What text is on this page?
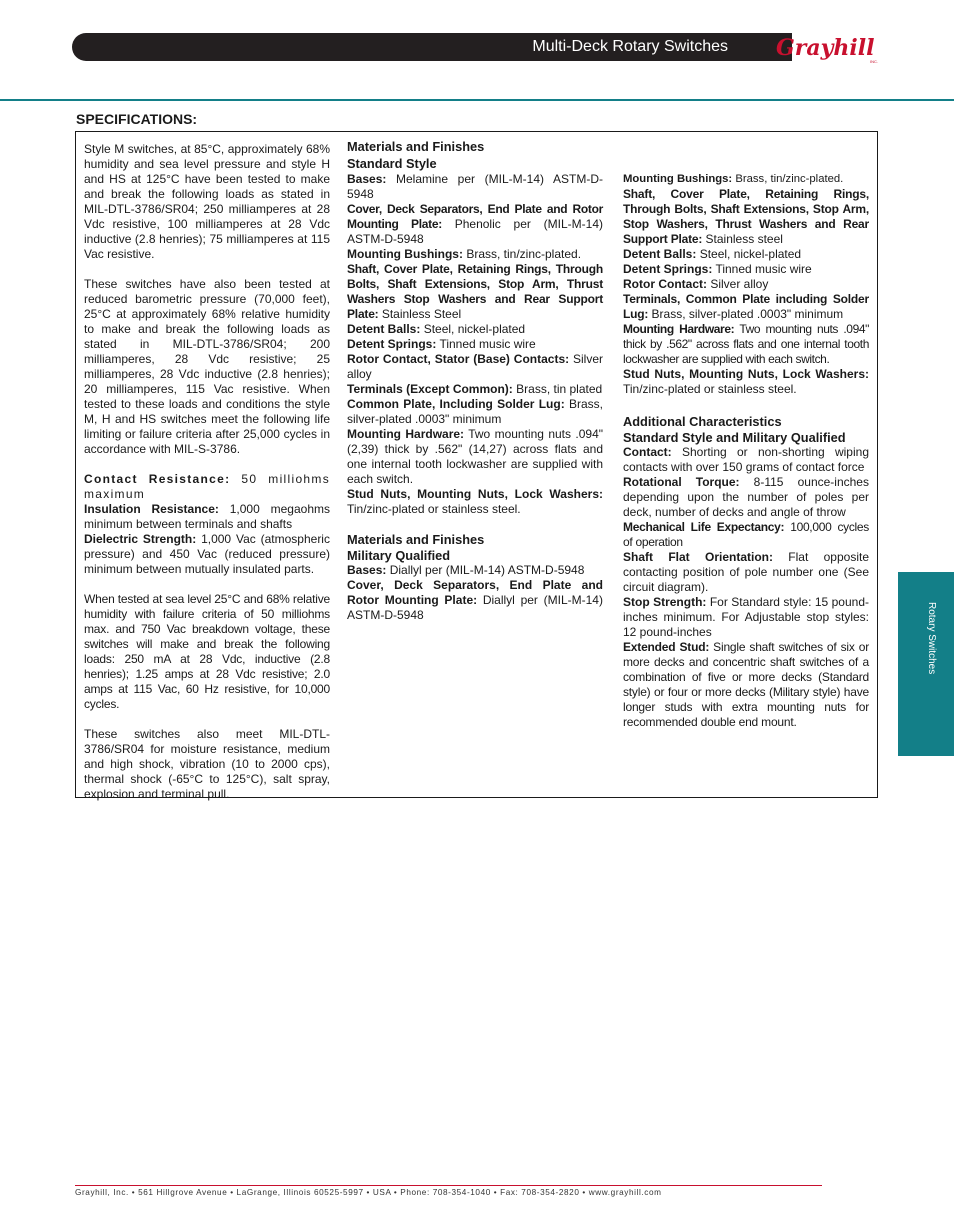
Multi-Deck Rotary Switches Grayhill
INC.
SPECIFICATIONS:

Style M switches, at 85°C, approximately 68% humidity and sea level pressure and style H and HS at 125°C have been tested to make and break the following loads as stated in MIL-DTL-3786/SR04; 250 milliamperes at 28 Vdc resistive, 100 milliamperes at 28 Vdc inductive (2.8 henries); 75 milliamperes at 115 Vac resistive.

These switches have also been tested at reduced barometric pressure (70,000 feet), 25°C at approximately 68% relative humidity to make and break the following loads as stated in MIL-DTL-3786/SR04; 200 milliamperes, 28 Vdc resistive; 25 milliamperes, 28 Vdc inductive (2.8 henries); 20 milliamperes, 115 Vac resistive. When tested to these loads and conditions the style M, H and HS switches meet the following life limiting or failure criteria after 25,000 cycles in accordance with MIL-S-3786.

Contact Resistance: 50 milliohms maximum

Insulation Resistance: 1,000 megaohms minimum between terminals and shafts

Dielectric Strength: 1,000 Vac (atmospheric pressure) and 450 Vac (reduced pressure) minimum between mutually insulated parts.

When tested at sea level 25°C and 68% relative humidity with failure criteria of 50 milliohms max. and 750 Vac breakdown voltage, these switches will make and break the following loads: 250 mA at 28 Vdc, inductive (2.8 henries); 1.25 amps at 28 Vdc resistive; 2.0 amps at 115 Vac, 60 Hz resistive, for 10,000 cycles.

These switches also meet MIL-DTL-3786/SR04 for moisture resistance, medium and high shock, vibration (10 to 2000 cps), thermal shock (-65°C to 125°C), salt spray, explosion and terminal pull.

Materials and Finishes

Standard Style

Bases: Melamine per (MIL-M-14) ASTM-D-5948

Cover, Deck Separators, End Plate and Rotor Mounting Plate: Phenolic per (MIL-M-14) ASTM-D-5948

Mounting Bushings: Brass, tin/zinc-plated.

Shaft, Cover Plate, Retaining Rings, Through Bolts, Shaft Extensions, Stop Arm, Thrust Washers Stop Washers and Rear Support Plate: Stainless Steel

Detent Balls: Steel, nickel-plated

Detent Springs: Tinned music wire

Rotor Contact, Stator (Base) Contacts: Silver alloy

Terminals (Except Common): Brass, tin plated

Common Plate, Including Solder Lug: Brass, silver-plated .0003" minimum

Mounting Hardware: Two mounting nuts .094" (2,39) thick by .562" (14,27) across flats and one internal tooth lockwasher are supplied with each switch.

Stud Nuts, Mounting Nuts, Lock Washers: Tin/zinc-plated or stainless steel.

Materials and Finishes

Military Qualified

Bases: Diallyl per (MIL-M-14) ASTM-D-5948

Cover, Deck Separators, End Plate and Rotor Mounting Plate: Diallyl per (MIL-M-14) ASTM-D-5948

Mounting Bushings: Brass, tin/zinc-plated.

Shaft, Cover Plate, Retaining Rings, Through Bolts, Shaft Extensions, Stop Arm, Stop Washers, Thrust Washers and Rear Support Plate: Stainless steel

Detent Balls: Steel, nickel-plated

Detent Springs: Tinned music wire

Rotor Contact: Silver alloy

Terminals, Common Plate including Solder Lug: Brass, silver-plated .0003" minimum

Mounting Hardware: Two mounting nuts .094" thick by .562" across flats and one internal tooth lockwasher are supplied with each switch.

Stud Nuts, Mounting Nuts, Lock Washers: Tin/zinc-plated or stainless steel.

Additional Characteristics

Standard Style and Military Qualified

Contact: Shorting or non-shorting wiping contacts with over 150 grams of contact force

Rotational Torque: 8-115 ounce-inches depending upon the number of poles per deck, number of decks and angle of throw

Mechanical Life Expectancy: 100,000 cycles of operation

Shaft Flat Orientation: Flat opposite contacting position of pole number one (See circuit diagram).

Stop Strength: For Standard style: 15 pound-inches minimum. For Adjustable stop styles: 12 pound-inches

Extended Stud: Single shaft switches of six or more decks and concentric shaft switches of a combination of five or more decks (Standard style) or four or more decks (Military style) have longer studs with extra mounting nuts for recommended double end mount.

Rotary Switches
Grayhill, Inc. • 561 Hillgrove Avenue • LaGrange, Illinois 60525-5997 • USA • Phone: 708-354-1040 • Fax: 708-354-2820 • www.grayhill.com
